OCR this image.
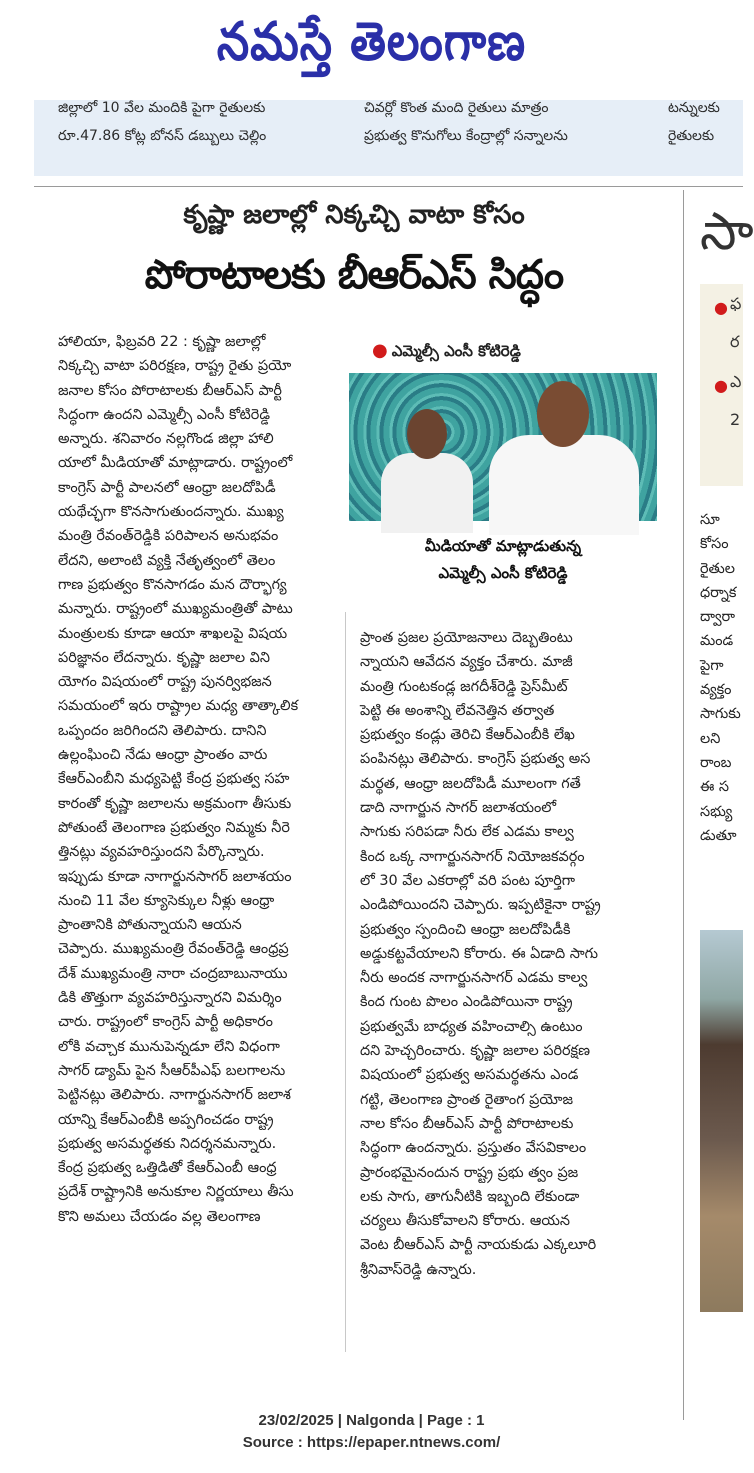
నమస్తే తెలంగాణ
జిల్లాలో 10 వేల మందికి పైగా రైతులకు
రూ.47.86 కోట్ల బోనస్ డబ్బులు చెల్లిం
చివర్లో కొంత మంది రైతులు మాత్రం
ప్రభుత్వ కొనుగోలు కేంద్రాల్లో సన్నాలను
టన్నులకు
రైతులకు
కృష్ణా జలాల్లో నిక్కచ్చి వాటా కోసం
పోరాటాలకు బీఆర్ఎస్ సిద్ధం
హాలియా, ఫిబ్రవరి 22 : కృష్ణా జలాల్లో
నిక్కచ్చి వాటా పరిరక్షణ, రాష్ట్ర రైతు ప్రయో
జనాల కోసం పోరాటాలకు బీఆర్ఎస్ పార్టీ
సిద్ధంగా ఉందని ఎమ్మెల్సీ ఎంసీ కోటిరెడ్డి
అన్నారు. శనివారం నల్లగొండ జిల్లా హాలి
యాలో మీడియాతో మాట్లాడారు. రాష్ట్రంలో
కాంగ్రెస్ పార్టీ పాలనలో ఆంధ్రా జలదోపిడీ
యథేచ్ఛగా కొనసాగుతుందన్నారు. ముఖ్య
మంత్రి రేవంత్‌రెడ్డికి పరిపాలన అనుభవం
లేదని, అలాంటి వ్యక్తి నేతృత్వంలో తెలం
గాణ ప్రభుత్వం కొనసాగడం మన దౌర్భాగ్య
మన్నారు. రాష్ట్రంలో ముఖ్యమంత్రితో పాటు
మంత్రులకు కూడా ఆయా శాఖలపై విషయ
పరిజ్ఞానం లేదన్నారు. కృష్ణా జలాల విని
యోగం విషయంలో రాష్ట్ర పునర్విభజన
సమయంలో ఇరు రాష్ట్రాల మధ్య తాత్కాలిక
ఒప్పందం జరిగిందని తెలిపారు. దానిని
ఉల్లంఘించి నేడు ఆంధ్రా ప్రాంతం వారు
కేఆర్ఎంబీని మధ్యపెట్టి కేంద్ర ప్రభుత్వ సహ
కారంతో కృష్ణా జలాలను అక్రమంగా తీసుకు
పోతుంటే తెలంగాణ ప్రభుత్వం నిమ్మకు నీరె
త్తినట్లు వ్యవహరిస్తుందని పేర్కొన్నారు.
ఇప్పుడు కూడా నాగార్జునసాగర్ జలాశయం
నుంచి 11 వేల క్యూసెక్కుల నీళ్లు ఆంధ్రా
ప్రాంతానికి పోతున్నాయని ఆయన
చెప్పారు. ముఖ్యమంత్రి రేవంత్‌రెడ్డి ఆంధ్రప్ర
దేశ్ ముఖ్యమంత్రి నారా చంద్రబాబునాయు
డికి తొత్తుగా వ్యవహరిస్తున్నారని విమర్శిం
చారు. రాష్ట్రంలో కాంగ్రెస్ పార్టీ అధికారం
లోకి వచ్చాక మునుపెన్నడూ లేని విధంగా
సాగర్ డ్యామ్ పైన సీఆర్‌పీఎఫ్ బలగాలను
పెట్టినట్లు తెలిపారు. నాగార్జునసాగర్ జలాశ
యాన్ని కేఆర్ఎంబీకి అప్పగించడం రాష్ట్ర
ప్రభుత్వ అసమర్థతకు నిదర్శనమన్నారు.
కేంద్ర ప్రభుత్వ ఒత్తిడితో కేఆర్ఎంబీ ఆంధ్ర
ప్రదేశ్ రాష్ట్రానికి అనుకూల నిర్ణయాలు తీసు
కొని అమలు చేయడం వల్ల తెలంగాణ
● ఎమ్మెల్సీ ఎంసీ కోటిరెడ్డి
మీడియాతో మాట్లాడుతున్న
ఎమ్మెల్సీ ఎంసీ కోటిరెడ్డి
ప్రాంత ప్రజల ప్రయోజనాలు దెబ్బతింటు
న్నాయని ఆవేదన వ్యక్తం చేశారు. మాజీ
మంత్రి గుంటకండ్ల జగదీశ్‌రెడ్డి ప్రెస్‌మీట్
పెట్టి ఈ అంశాన్ని లేవనెత్తిన తర్వాత
ప్రభుత్వం కండ్లు తెరిచి కేఆర్ఎంబీకి లేఖ
పంపినట్లు తెలిపారు. కాంగ్రెస్ ప్రభుత్వ అస
మర్థత, ఆంధ్రా జలదోపిడీ మూలంగా గతే
డాది నాగార్జున సాగర్ జలాశయంలో
సాగుకు సరిపడా నీరు లేక ఎడమ కాల్వ
కింద ఒక్క నాగార్జునసాగర్ నియోజకవర్గం
లో 30 వేల ఎకరాల్లో వరి పంట పూర్తిగా
ఎండిపోయిందని చెప్పారు. ఇప్పటికైనా రాష్ట్ర
ప్రభుత్వం స్పందించి ఆంధ్రా జలదోపిడీకి
అడ్డుకట్టవేయాలని కోరారు. ఈ ఏడాది సాగు
నీరు అందక నాగార్జునసాగర్ ఎడమ కాల్వ
కింద గుంట పొలం ఎండిపోయినా రాష్ట్ర
ప్రభుత్వమే బాధ్యత వహించాల్సి ఉంటుం
దని హెచ్చరించారు. కృష్ణా జలాల పరిరక్షణ
విషయంలో ప్రభుత్వ అసమర్థతను ఎండ
గట్టి, తెలంగాణ ప్రాంత రైతాంగ ప్రయోజ
నాల కోసం బీఆర్ఎస్ పార్టీ పోరాటాలకు
సిద్ధంగా ఉందన్నారు. ప్రస్తుతం వేసవికాలం
ప్రారంభమైనందున రాష్ట్ర ప్రభు త్వం ప్రజ
లకు సాగు, తాగునీటికి ఇబ్బంది లేకుండా
చర్యలు తీసుకోవాలని కోరారు. ఆయన
వెంట బీఆర్ఎస్ పార్టీ నాయకుడు ఎక్కలూరి
శ్రీనివాస్‌రెడ్డి ఉన్నారు.
సా
● ఫ
ర
● ఎ
2
సూ
కోసం
రైతుల
ధర్నాక
ద్వారా
మండ
పైగా
వ్యక్తం
సాగుకు
లని
రాంబ
ఈ స
సభ్యు
డుతూ
23/02/2025 | Nalgonda | Page : 1
Source : https://epaper.ntnews.com/
